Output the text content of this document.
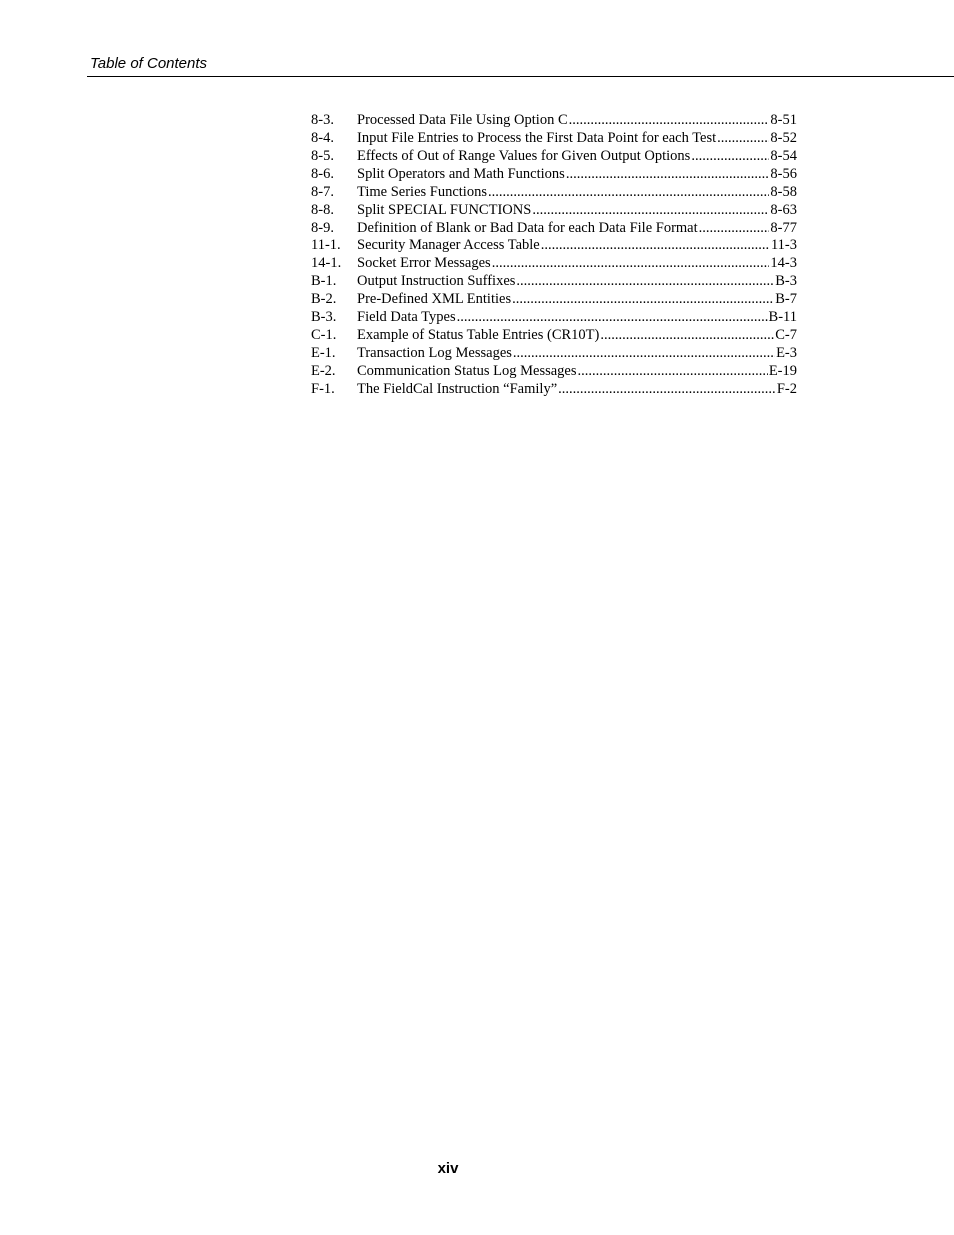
Table of Contents
8-3.	Processed Data File Using Option C .....	8-51
8-4.	Input File Entries to Process the First Data Point for each Test .....	8-52
8-5.	Effects of Out of Range Values for Given Output Options .....	8-54
8-6.	Split Operators and Math Functions .....	8-56
8-7.	Time Series Functions .....	8-58
8-8.	Split SPECIAL FUNCTIONS .....	8-63
8-9.	Definition of Blank or Bad Data for each Data File Format .....	8-77
11-1.	Security Manager Access Table .....	11-3
14-1.	Socket Error Messages .....	14-3
B-1.	Output Instruction Suffixes .....	B-3
B-2.	Pre-Defined XML Entities .....	B-7
B-3.	Field Data Types .....	B-11
C-1.	Example of Status Table Entries (CR10T) .....	C-7
E-1.	Transaction Log Messages .....	E-3
E-2.	Communication Status Log Messages .....	E-19
F-1.	The FieldCal Instruction “Family” .....	F-2
xiv
